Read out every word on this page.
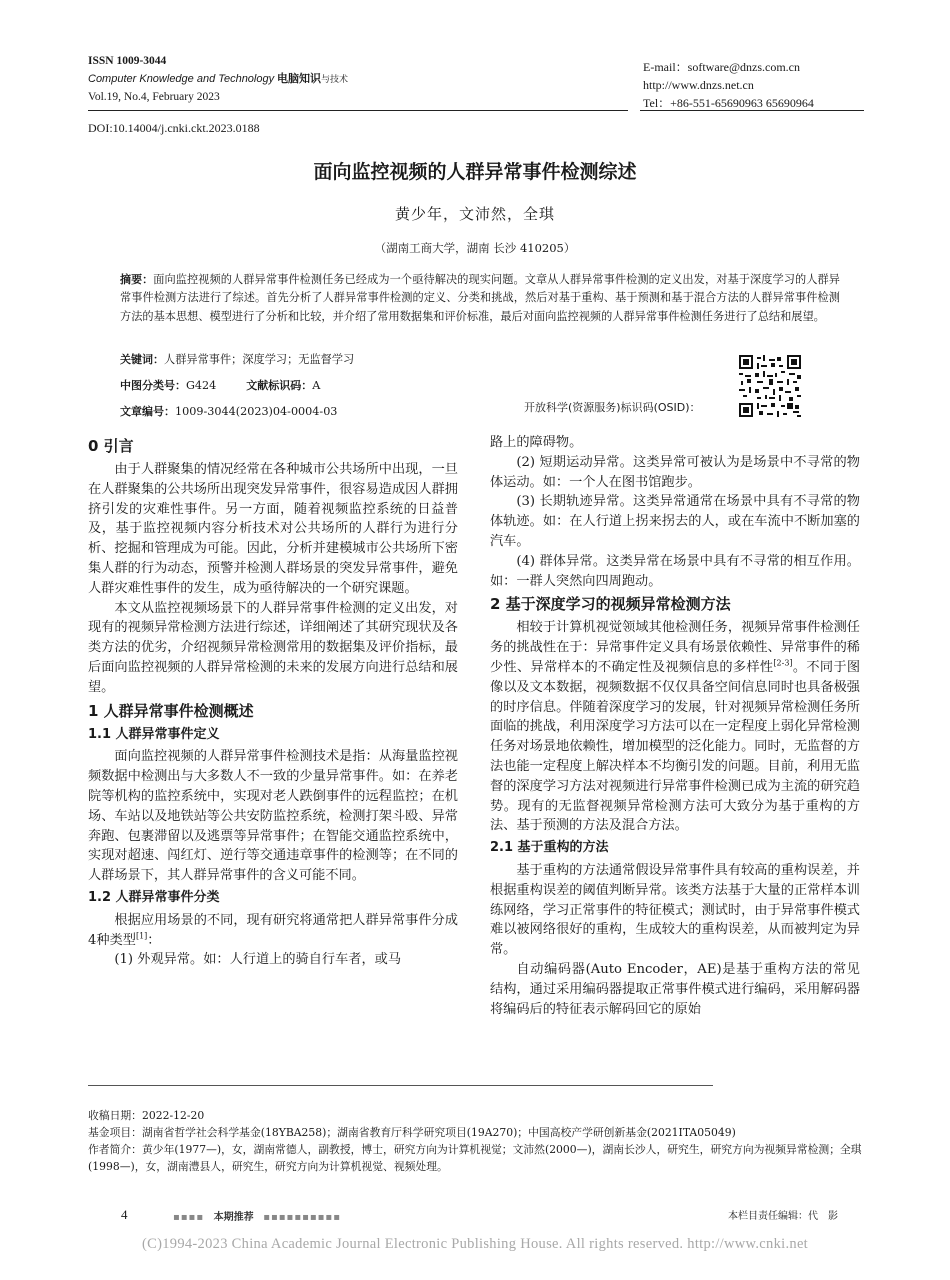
ISSN 1009-3044
Computer Knowledge and Technology 电脑知识与技术
Vol.19, No.4, February 2023
E-mail：software@dnzs.com.cn
http://www.dnzs.net.cn
Tel：+86-551-65690963 65690964
DOI:10.14004/j.cnki.ckt.2023.0188
面向监控视频的人群异常事件检测综述
黄少年，文沛然，全琪
（湖南工商大学，湖南 长沙 410205）
摘要：面向监控视频的人群异常事件检测任务已经成为一个亟待解决的现实问题。文章从人群异常事件检测的定义出发，对基于深度学习的人群异常事件检测方法进行了综述。首先分析了人群异常事件检测的定义、分类和挑战，然后对基于重构、基于预测和基于混合方法的人群异常事件检测方法的基本思想、模型进行了分析和比较，并介绍了常用数据集和评价标准，最后对面向监控视频的人群异常事件检测任务进行了总结和展望。
关键词：人群异常事件；深度学习；无监督学习
中图分类号：G424	文献标识码：A
文章编号：1009-3044(2023)04-0004-03	开放科学(资源服务)标识码(OSID)：
0 引言

由于人群聚集的情况经常在各种城市公共场所中出现，一旦在人群聚集的公共场所出现突发异常事件，很容易造成因人群拥挤引发的灾难性事件。另一方面，随着视频监控系统的日益普及，基于监控视频内容分析技术对公共场所的人群行为进行分析、挖掘和管理成为可能。因此，分析并建模城市公共场所下密集人群的行为动态，预警并检测人群场景的突发异常事件，避免人群灾难性事件的发生，成为亟待解决的一个研究课题。

本文从监控视频场景下的人群异常事件检测的定义出发，对现有的视频异常检测方法进行综述，详细阐述了其研究现状及各类方法的优劣，介绍视频异常检测常用的数据集及评价指标，最后面向监控视频的人群异常检测的未来的发展方向进行总结和展望。

1 人群异常事件检测概述
1.1 人群异常事件定义

面向监控视频的人群异常事件检测技术是指：从海量监控视频数据中检测出与大多数人不一致的少量异常事件。如：在养老院等机构的监控系统中，实现对老人跌倒事件的远程监控；在机场、车站以及地铁站等公共安防监控系统，检测打架斗殴、异常奔跑、包裹滞留以及逃票等异常事件；在智能交通监控系统中，实现对超速、闯红灯、逆行等交通违章事件的检测等；在不同的人群场景下，其人群异常事件的含义可能不同。

1.2 人群异常事件分类

根据应用场景的不同，现有研究将通常把人群异常事件分成4种类型[1]：

(1) 外观异常。如：人行道上的骑自行车者，或马

路上的障碍物。

(2) 短期运动异常。这类异常可被认为是场景中不寻常的物体运动。如：一个人在图书馆跑步。

(3) 长期轨迹异常。这类异常通常在场景中具有不寻常的物体轨迹。如：在人行道上拐来拐去的人，或在车流中不断加塞的汽车。

(4) 群体异常。这类异常在场景中具有不寻常的相互作用。如：一群人突然向四周跑动。

2 基于深度学习的视频异常检测方法

相较于计算机视觉领域其他检测任务，视频异常事件检测任务的挑战性在于：异常事件定义具有场景依赖性、异常事件的稀少性、异常样本的不确定性及视频信息的多样性[2-3]。不同于图像以及文本数据，视频数据不仅仅具备空间信息同时也具备极强的时序信息。伴随着深度学习的发展，针对视频异常检测任务所面临的挑战，利用深度学习方法可以在一定程度上弱化异常检测任务对场景地依赖性，增加模型的泛化能力。同时，无监督的方法也能一定程度上解决样本不均衡引发的问题。目前，利用无监督的深度学习方法对视频进行异常事件检测已成为主流的研究趋势。现有的无监督视频异常检测方法可大致分为基于重构的方法、基于预测的方法及混合方法。

2.1 基于重构的方法

基于重构的方法通常假设异常事件具有较高的重构误差，并根据重构误差的阈值判断异常。该类方法基于大量的正常样本训练网络，学习正常事件的特征模式；测试时，由于异常事件模式难以被网络很好的重构，生成较大的重构误差，从而被判定为异常。

自动编码器(Auto Encoder，AE)是基于重构方法的常见结构，通过采用编码器提取正常事件模式进行编码，采用解码器将编码后的特征表示解码回它的原始

收稿日期：2022-12-20
基金项目：湖南省哲学社会科学基金(18YBA258)；湖南省教育厅科学研究项目(19A270)；中国高校产学研创新基金(2021ITA05049)
作者简介：黄少年(1977—)，女，湖南常德人，副教授，博士，研究方向为计算机视觉；文沛然(2000—)，湖南长沙人，研究生，研究方向为视频异常检测；全琪(1998—)，女，湖南澧县人，研究生，研究方向为计算机视觉、视频处理。
4	▪▪▪▪ 本期推荐 ▪▪▪▪▪▪▪▪▪▪	本栏目责任编辑：代　影
(C)1994-2023 China Academic Journal Electronic Publishing House. All rights reserved. http://www.cnki.net
